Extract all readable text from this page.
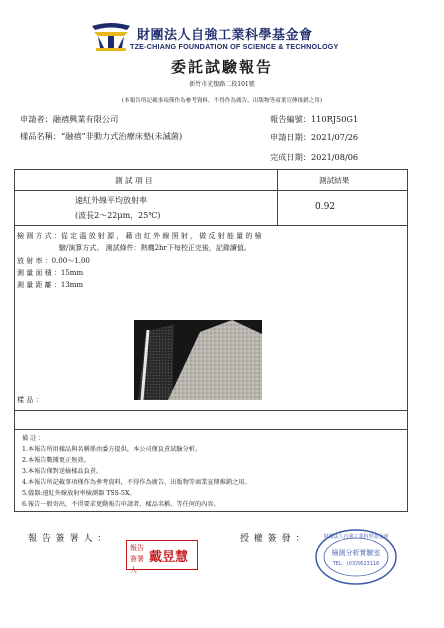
財團法人自強工業科學基金會
TZE-CHIANG FOUNDATION OF SCIENCE & TECHNOLOGY
委託試驗報告
新竹市光復路二段101號
(本報告所記載事項僅作為參考資料，不得作為廣告、出版物等商業宣傳推銷之用)
申請者：融禧興業有限公司	報告編號：110RJ50G1
樣品名稱：“融禧”非動力式治療床墊(未滅菌)	申請日期：2021/07/26
完成日期：2021/08/06
測 試 項 目	測試結果
遠紅外線平均放射率
(波長2～22μm，25℃)
0.92
檢 測 方 式 ：從 定 溫 放 射 源 ， 藉 由 紅 外 線 照 射 ， 做 反 射 能 量 的 檢
　　　　　　驗/演算方式。 測試條件：熱機2hr下每校正完後，記錄讀值。
放 射 率 ：0.00～1.00
測 量 面 積 ：15mm
測 量 距 離 ：13mm
樣 品 ：
備 註 ：
1.本報告所用樣品與名稱係由委方提供，本公司僅負責試驗分析。
2.本報告數據更正無效。
3.本報告僅對送檢樣品負責。
4.本報告所記載事項僅作為參考資料，不得作為廣告、出版物等商業宣傳推銷之用。
5.儀器:遠紅外線放射率檢測器 TSS-5X。
6.報告一般寄出，不得要求更動報告申請者、樣品名稱、等任何的內容。
報 告 簽 署 人 ：	授 權 簽 發 ：
報告簽署人
戴昱慧
財團法人自強工業科學基金會
檢測分析實驗室
TEL：(03)5623116
